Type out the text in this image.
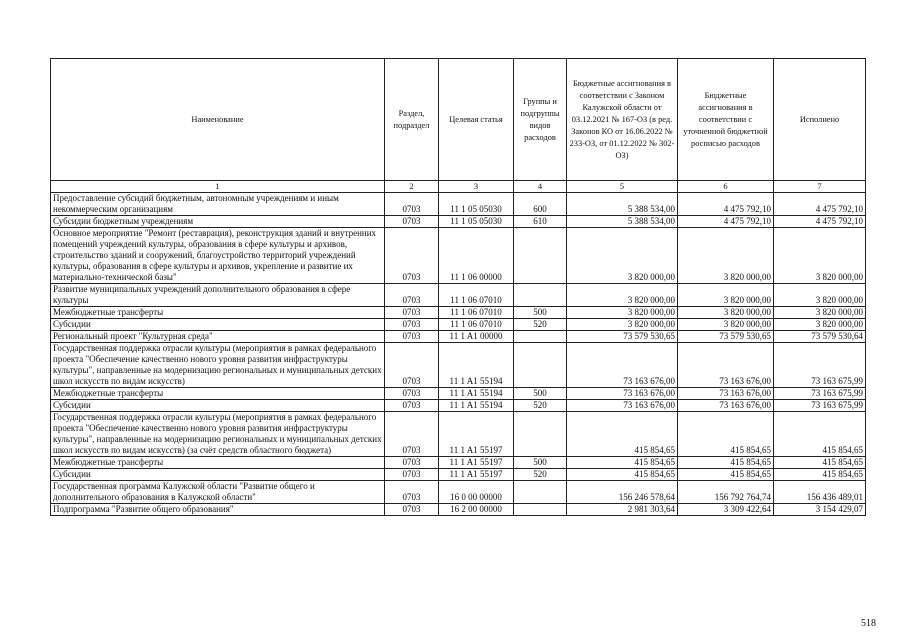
Наименование	Раздел, подраздел	Целевая статья	Группы и подгруппы видов расходов	Бюджетные ассигнования в соответствии с Законом Калужской области от 03.12.2021 № 167-ОЗ (в ред. Законов КО от 16.06.2022 № 233-ОЗ, от 01.12.2022 № 302-ОЗ)	Бюджетные ассигнования в соответствии с уточненной бюджетной росписью расходов	Исполнено
1	2	3	4	5	6	7
Предоставление субсидий бюджетным, автономным учреждениям и иным некоммерческим организациям	0703	11 1 05 05030	600	5 388 534,00	4 475 792,10	4 475 792,10
Субсидии бюджетным учреждениям	0703	11 1 05 05030	610	5 388 534,00	4 475 792,10	4 475 792,10
Основное мероприятие "Ремонт (реставрация), реконструкция зданий и внутренних помещений учреждений культуры, образования в сфере культуры и архивов, строительство зданий и сооружений, благоустройство территорий учреждений культуры, образования в сфере культуры и архивов, укрепление и развитие их материально-технической базы"	0703	11 1 06 00000		3 820 000,00	3 820 000,00	3 820 000,00
Развитие муниципальных учреждений дополнительного образования в сфере культуры	0703	11 1 06 07010		3 820 000,00	3 820 000,00	3 820 000,00
Межбюджетные трансферты	0703	11 1 06 07010	500	3 820 000,00	3 820 000,00	3 820 000,00
Субсидии	0703	11 1 06 07010	520	3 820 000,00	3 820 000,00	3 820 000,00
Региональный проект "Культурная среда"	0703	11 1 A1 00000		73 579 530,65	73 579 530,65	73 579 530,64
Государственная поддержка отрасли культуры (мероприятия в рамках федерального проекта "Обеспечение качественно нового уровня развития инфраструктуры культуры", направленные на модернизацию региональных и муниципальных детских школ искусств по видам искусств)	0703	11 1 A1 55194		73 163 676,00	73 163 676,00	73 163 675,99
Межбюджетные трансферты	0703	11 1 A1 55194	500	73 163 676,00	73 163 676,00	73 163 675,99
Субсидии	0703	11 1 A1 55194	520	73 163 676,00	73 163 676,00	73 163 675,99
Государственная поддержка отрасли культуры (мероприятия в рамках федерального проекта "Обеспечение качественно нового уровня развития инфраструктуры культуры", направленные на модернизацию региональных и муниципальных детских школ искусств по видам искусств) (за счёт средств областного бюджета)	0703	11 1 A1 55197		415 854,65	415 854,65	415 854,65
Межбюджетные трансферты	0703	11 1 A1 55197	500	415 854,65	415 854,65	415 854,65
Субсидии	0703	11 1 A1 55197	520	415 854,65	415 854,65	415 854,65
Государственная программа Калужской области "Развитие общего и дополнительного образования в Калужской области"	0703	16 0 00 00000		156 246 578,64	156 792 764,74	156 436 489,01
Подпрограмма "Развитие общего образования"	0703	16 2 00 00000		2 981 303,64	3 309 422,64	3 154 429,07
518
